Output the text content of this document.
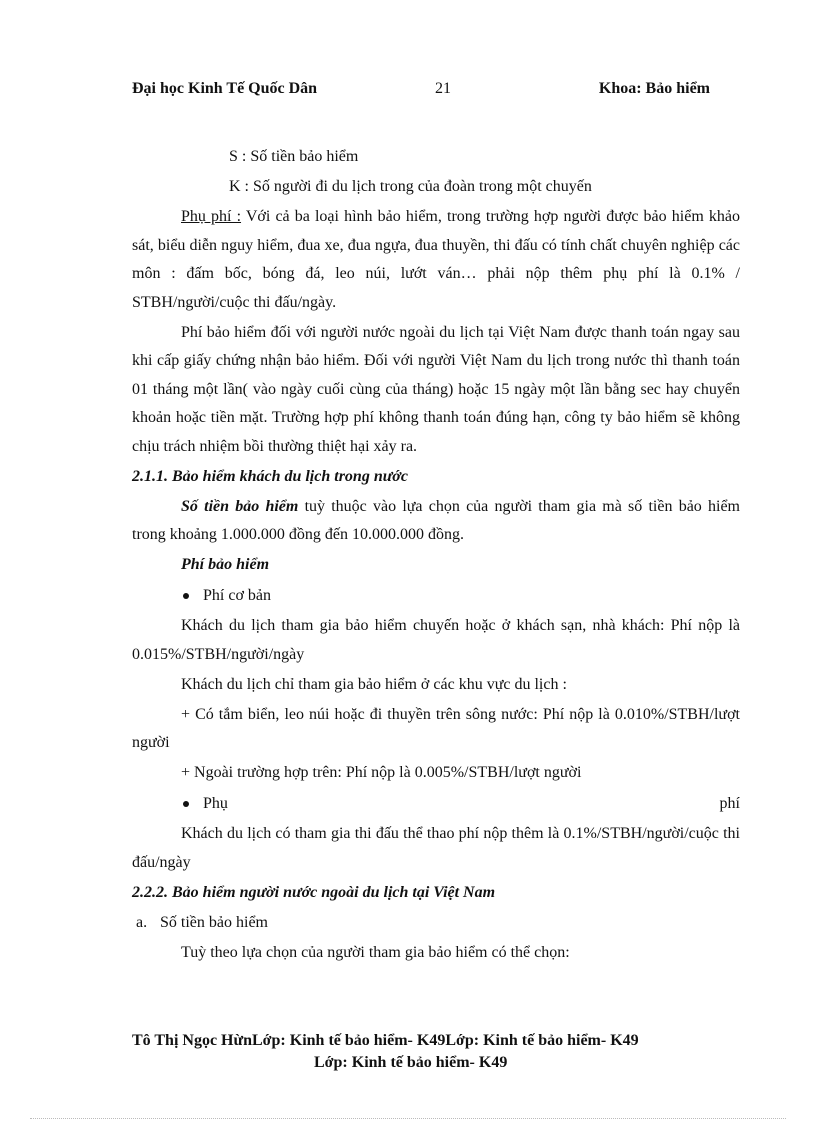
Đại học Kinh Tế Quốc Dân	21	Khoa: Bảo hiểm

S : Số tiền bảo hiểm

K : Số người đi du lịch trong của đoàn trong một chuyến

Phụ phí : Với cả ba loại hình bảo hiểm, trong trường hợp người được bảo hiểm khảo sát, biểu diễn nguy hiểm, đua xe, đua ngựa, đua thuyền, thi đấu có tính chất chuyên nghiệp các môn : đấm bốc, bóng đá, leo núi, lướt ván… phải nộp thêm phụ phí là 0.1% / STBH/người/cuộc thi đấu/ngày.

Phí bảo hiểm đối với người nước ngoài du lịch tại Việt Nam được thanh toán ngay sau khi cấp giấy chứng nhận bảo hiểm. Đối với người Việt Nam du lịch trong nước thì thanh toán 01 tháng một lần( vào ngày cuối cùng của tháng) hoặc 15 ngày một lần bằng sec hay chuyển khoản hoặc tiền mặt. Trường hợp phí không thanh toán đúng hạn, công ty bảo hiểm sẽ không chịu trách nhiệm bồi thường thiệt hại xảy ra.

2.1.1. Bảo hiểm khách du lịch trong nước

Số tiền bảo hiểm tuỳ thuộc vào lựa chọn của người tham gia mà số tiền bảo hiểm trong khoảng 1.000.000 đồng đến 10.000.000 đồng.

Phí bảo hiểm

Phí cơ bản

Khách du lịch tham gia bảo hiểm chuyến hoặc ở khách sạn, nhà khách: Phí nộp là 0.015%/STBH/người/ngày

Khách du lịch chỉ tham gia bảo hiểm ở các khu vực du lịch :

+ Có tắm biển, leo núi hoặc đi thuyền trên sông nước: Phí nộp là 0.010%/STBH/lượt người

+ Ngoài trường hợp trên: Phí nộp là 0.005%/STBH/lượt người

Phụ	phí

Khách du lịch có tham gia thi đấu thể thao phí nộp thêm là 0.1%/STBH/người/cuộc thi đấu/ngày

2.2.2. Bảo hiểm người nước ngoài du lịch tại Việt Nam

a. Số tiền bảo hiểm

Tuỳ theo lựa chọn của người tham gia bảo hiểm có thể chọn:

Tô Thị Ngọc HừnLớp: Kinh tế bảo hiểm- K49Lớp: Kinh tế bảo hiểm- K49
Lớp: Kinh tế bảo hiểm- K49
